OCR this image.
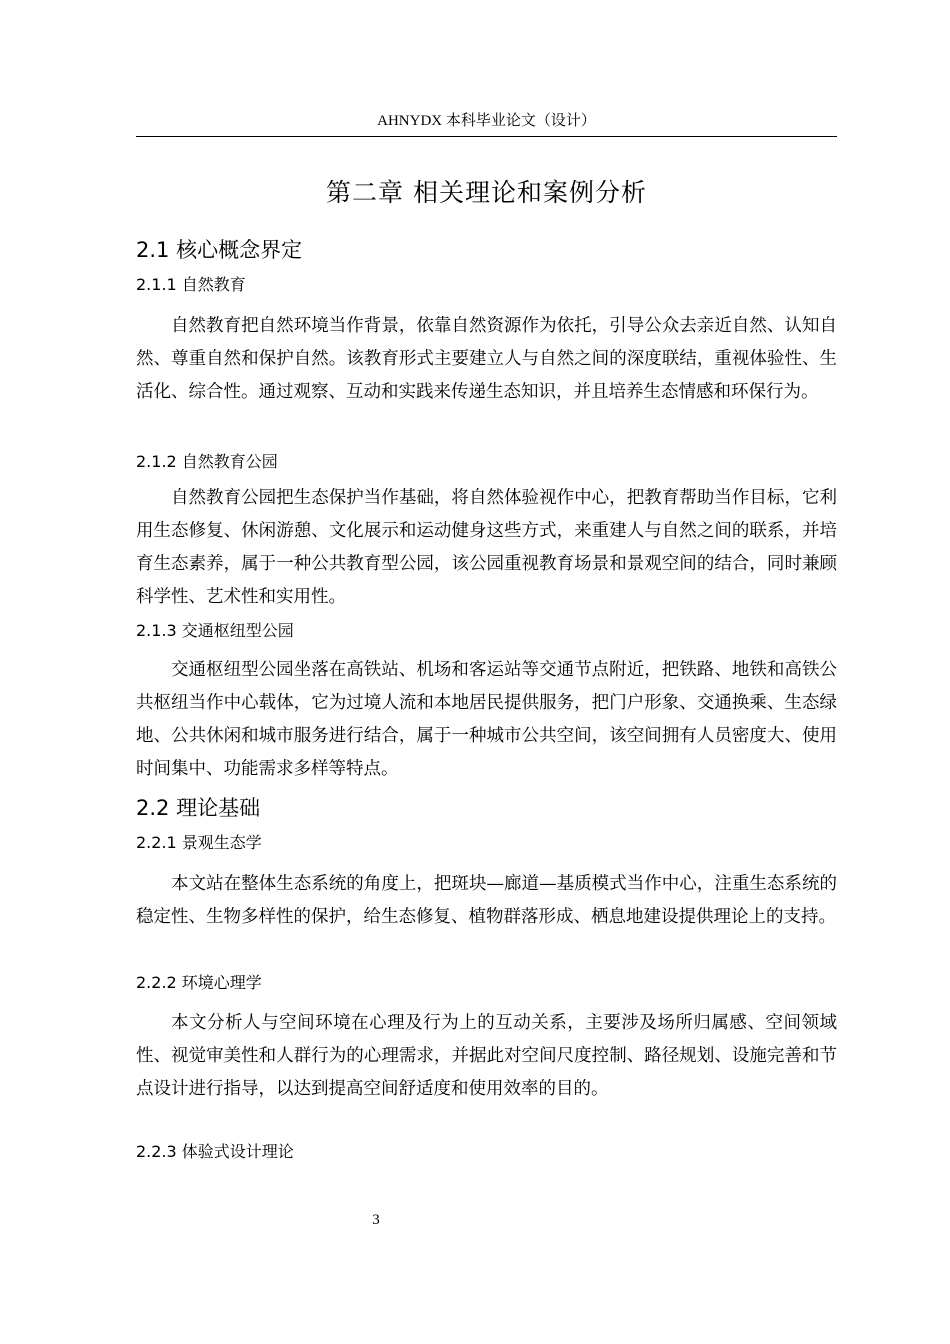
AHNYDX 本科毕业论文（设计）
第二章 相关理论和案例分析
2.1 核心概念界定
2.1.1 自然教育

自然教育把自然环境当作背景，依靠自然资源作为依托，引导公众去亲近自然、认知自然、尊重自然和保护自然。该教育形式主要建立人与自然之间的深度联结，重视体验性、生活化、综合性。通过观察、互动和实践来传递生态知识，并且培养生态情感和环保行为。

2.1.2 自然教育公园

自然教育公园把生态保护当作基础，将自然体验视作中心，把教育帮助当作目标，它利用生态修复、休闲游憩、文化展示和运动健身这些方式，来重建人与自然之间的联系，并培育生态素养，属于一种公共教育型公园，该公园重视教育场景和景观空间的结合，同时兼顾科学性、艺术性和实用性。

2.1.3 交通枢纽型公园

交通枢纽型公园坐落在高铁站、机场和客运站等交通节点附近，把铁路、地铁和高铁公共枢纽当作中心载体，它为过境人流和本地居民提供服务，把门户形象、交通换乘、生态绿地、公共休闲和城市服务进行结合，属于一种城市公共空间，该空间拥有人员密度大、使用时间集中、功能需求多样等特点。

2.2 理论基础
2.2.1 景观生态学

本文站在整体生态系统的角度上，把斑块—廊道—基质模式当作中心，注重生态系统的稳定性、生物多样性的保护，给生态修复、植物群落形成、栖息地建设提供理论上的支持。

2.2.2 环境心理学

本文分析人与空间环境在心理及行为上的互动关系，主要涉及场所归属感、空间领域性、视觉审美性和人群行为的心理需求，并据此对空间尺度控制、路径规划、设施完善和节点设计进行指导，以达到提高空间舒适度和使用效率的目的。

2.2.3 体验式设计理论
3
